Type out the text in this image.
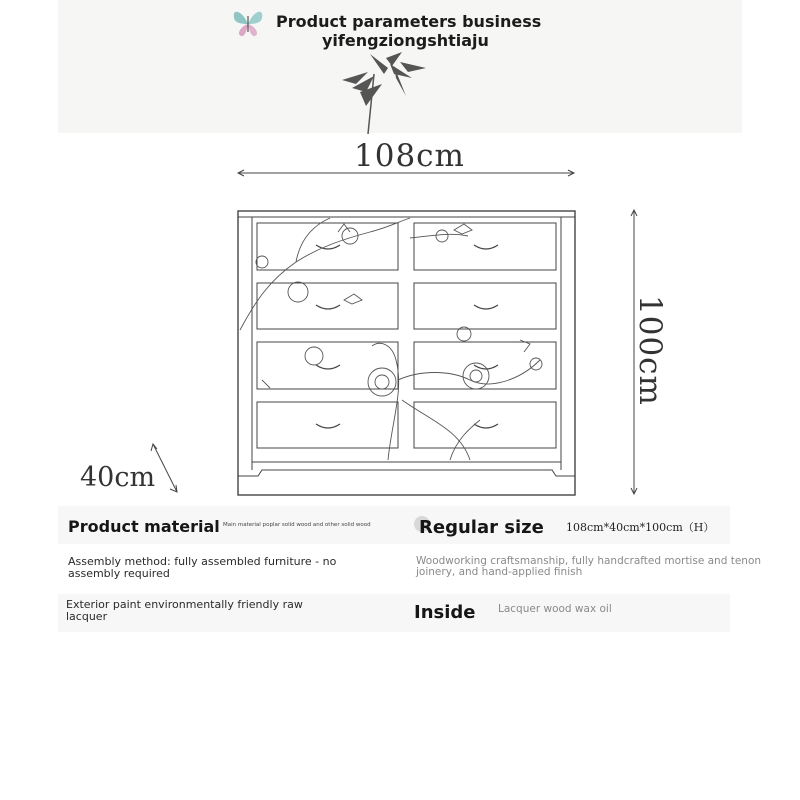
Product parameters business
yifengziongshtiaju
108cm
100cm
40cm
Product material Main material poplar solid wood and other solid wood	Regular size 108cm*40cm*100cm（H）
Assembly method: fully assembled furniture - no assembly required
Woodworking craftsmanship, fully handcrafted mortise and tenon joinery, and hand-applied finish
Exterior paint environmentally friendly raw lacquer	Inside Lacquer wood wax oil
